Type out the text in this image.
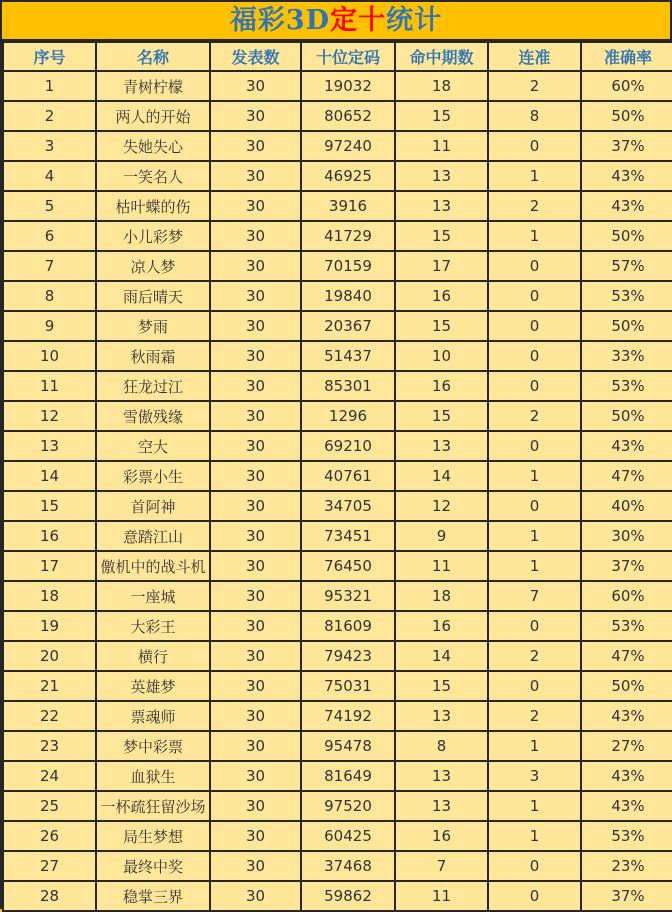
福彩3D 定十 统计
序号	名称	发表数	十位定码	命中期数	连准	准确率
1	青树柠檬	30	19032	18	2	60%
2	两人的开始	30	80652	15	8	50%
3	失她失心	30	97240	11	0	37%
4	一笑名人	30	46925	13	1	43%
5	枯叶蝶的伤	30	3916	13	2	43%
6	小儿彩梦	30	41729	15	1	50%
7	凉人梦	30	70159	17	0	57%
8	雨后晴天	30	19840	16	0	53%
9	梦雨	30	20367	15	0	50%
10	秋雨霜	30	51437	10	0	33%
11	狂龙过江	30	85301	16	0	53%
12	雪傲残缘	30	1296	15	2	50%
13	空大	30	69210	13	0	43%
14	彩票小生	30	40761	14	1	47%
15	首阿神	30	34705	12	0	40%
16	意踏江山	30	73451	9	1	30%
17	儌机中的战斗机	30	76450	11	1	37%
18	一座城	30	95321	18	7	60%
19	大彩王	30	81609	16	0	53%
20	横行	30	79423	14	2	47%
21	英雄梦	30	75031	15	0	50%
22	票魂师	30	74192	13	2	43%
23	梦中彩票	30	95478	8	1	27%
24	血狱生	30	81649	13	3	43%
25	一杯疏狂留沙场	30	97520	13	1	43%
26	局生梦想	30	60425	16	1	53%
27	最终中奖	30	37468	7	0	23%
28	稳掌三界	30	59862	11	0	37%
